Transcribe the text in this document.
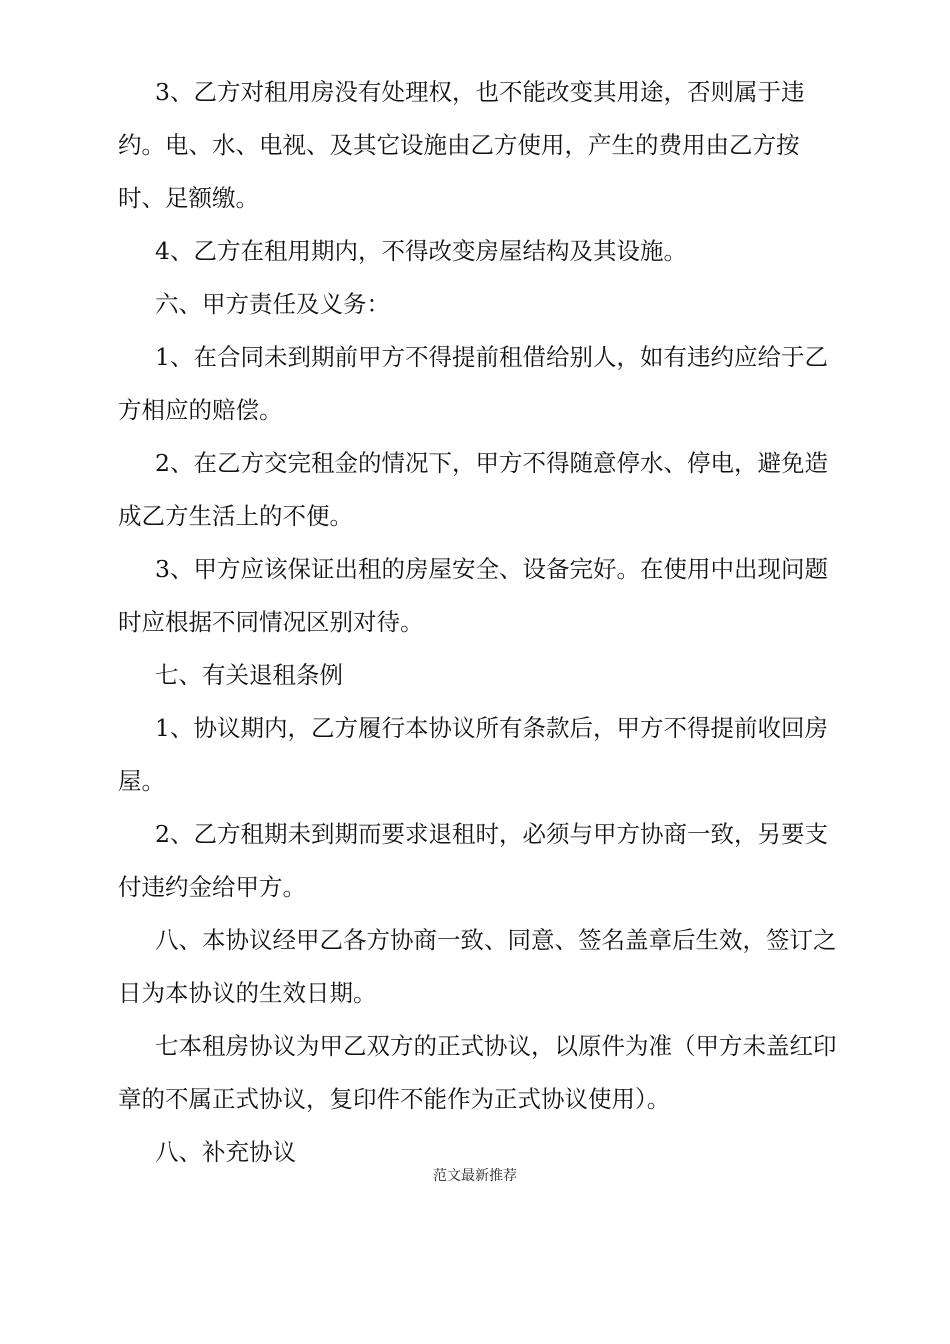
3、乙方对租用房没有处理权，也不能改变其用途，否则属于违约。电、水、电视、及其它设施由乙方使用，产生的费用由乙方按时、足额缴。

4、乙方在租用期内，不得改变房屋结构及其设施。

六、甲方责任及义务：

1、在合同未到期前甲方不得提前租借给别人，如有违约应给于乙方相应的赔偿。

2、在乙方交完租金的情况下，甲方不得随意停水、停电，避免造成乙方生活上的不便。

3、甲方应该保证出租的房屋安全、设备完好。在使用中出现问题时应根据不同情况区别对待。

七、有关退租条例

1、协议期内，乙方履行本协议所有条款后，甲方不得提前收回房屋。

2、乙方租期未到期而要求退租时，必须与甲方协商一致，另要支付违约金给甲方。

八、本协议经甲乙各方协商一致、同意、签名盖章后生效，签订之日为本协议的生效日期。

七本租房协议为甲乙双方的正式协议，以原件为准（甲方未盖红印章的不属正式协议，复印件不能作为正式协议使用）。

八、补充协议

范文最新推荐
